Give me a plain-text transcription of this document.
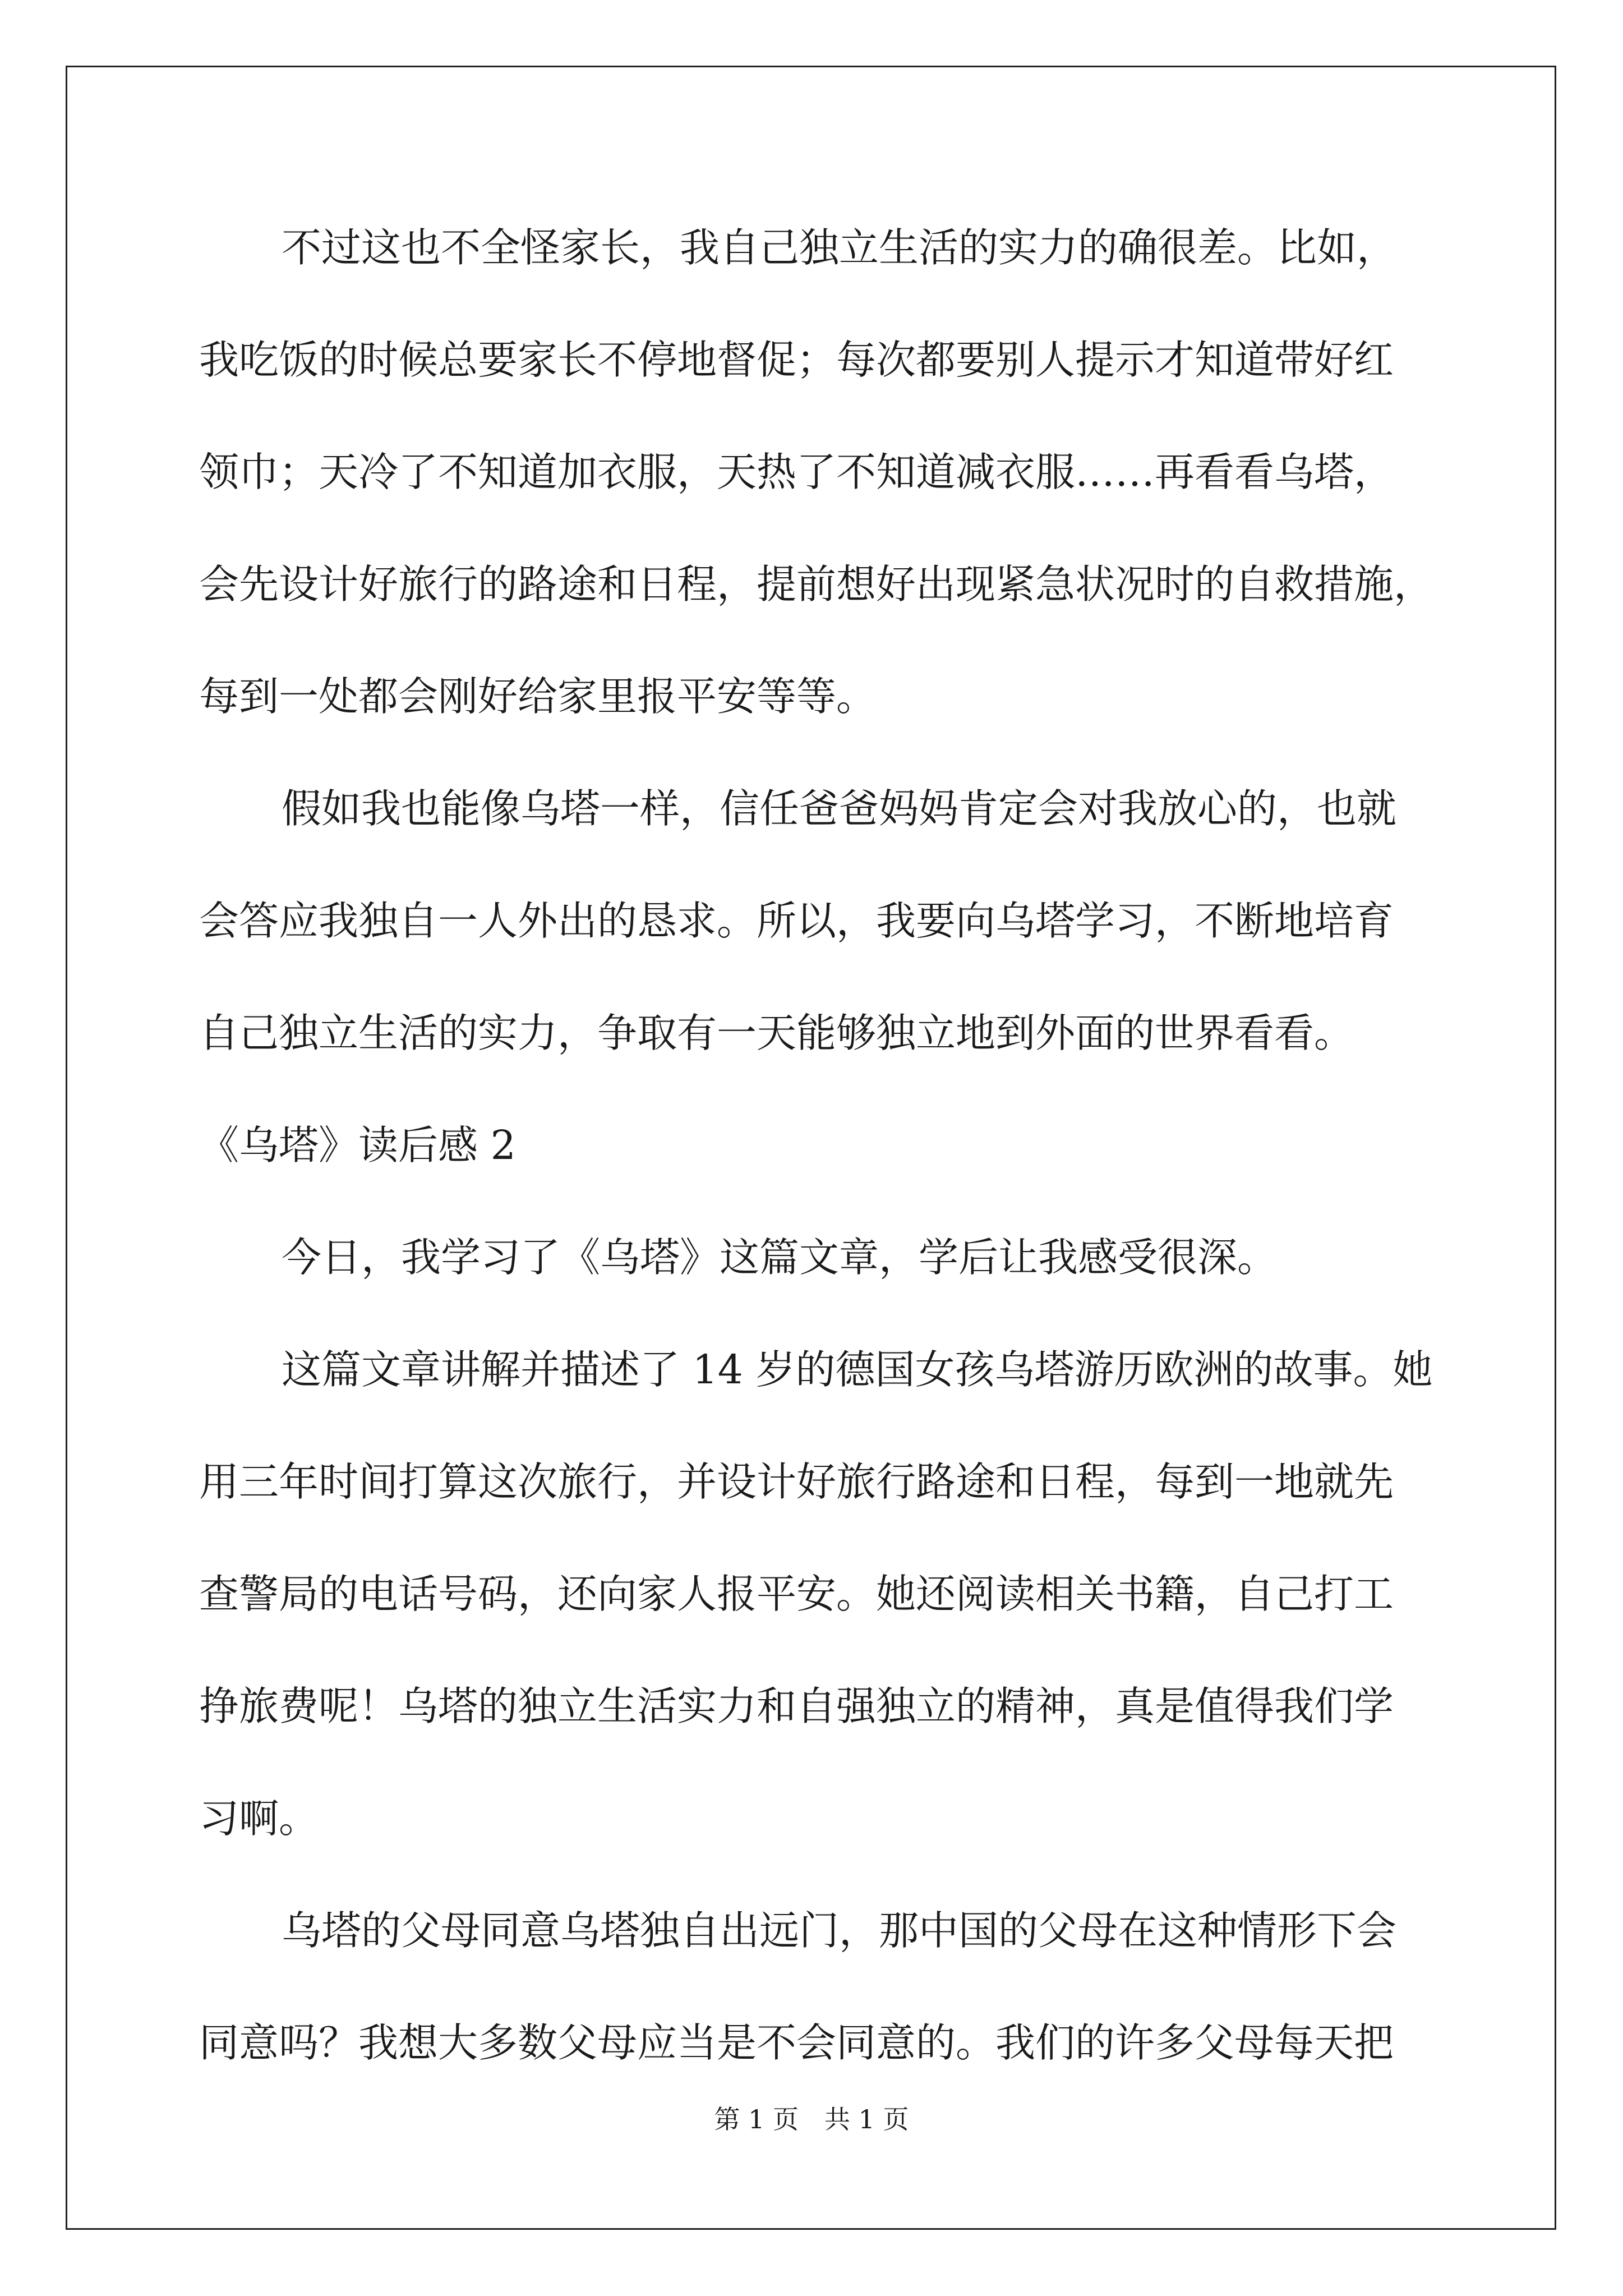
不过这也不全怪家长，我自己独立生活的实力的确很差。比如，
我吃饭的时候总要家长不停地督促；每次都要别人提示才知道带好红
领巾；天冷了不知道加衣服，天热了不知道减衣服……再看看乌塔，
会先设计好旅行的路途和日程，提前想好出现紧急状况时的自救措施，
每到一处都会刚好给家里报平安等等。
假如我也能像乌塔一样，信任爸爸妈妈肯定会对我放心的，也就
会答应我独自一人外出的恳求。所以，我要向乌塔学习，不断地培育
自己独立生活的实力，争取有一天能够独立地到外面的世界看看。
《乌塔》读后感 2
今日，我学习了《乌塔》这篇文章，学后让我感受很深。
这篇文章讲解并描述了 14 岁的德国女孩乌塔游历欧洲的故事。她
用三年时间打算这次旅行，并设计好旅行路途和日程，每到一地就先
查警局的电话号码，还向家人报平安。她还阅读相关书籍，自己打工
挣旅费呢！乌塔的独立生活实力和自强独立的精神，真是值得我们学
习啊。
乌塔的父母同意乌塔独自出远门，那中国的父母在这种情形下会
同意吗？我想大多数父母应当是不会同意的。我们的许多父母每天把
第 1 页 共 1 页
